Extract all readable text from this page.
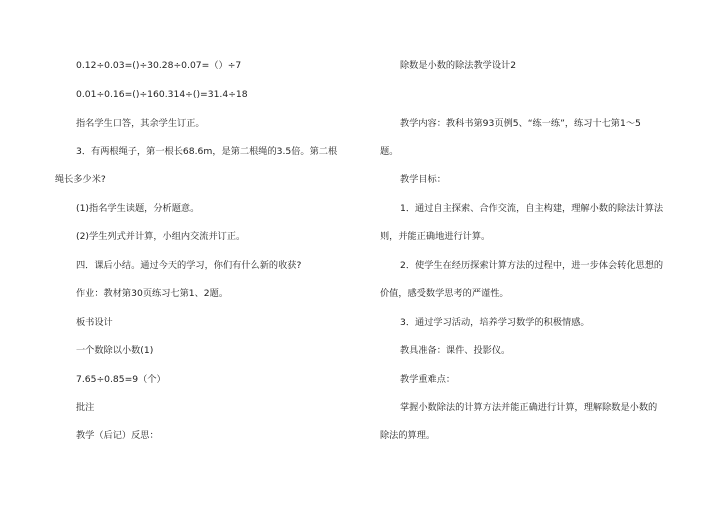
0.12÷0.03=()÷30.28÷0.07=（）÷7
0.01÷0.16=()÷160.314÷()=31.4÷18
指名学生口答，其余学生订正。
3．有两根绳子，第一根长68.6m，是第二根绳的3.5倍。第二根
绳长多少米?
(1)指名学生读题，分析题意。
(2)学生列式并计算，小组内交流并订正。
四．课后小结。通过今天的学习，你们有什么新的收获?
作业：教材第30页练习七第1、2题。
板书设计
一个数除以小数(1)
7.65÷0.85=9（个）
批注
教学（后记）反思：
除数是小数的除法教学设计2
教学内容：教科书第93页例5、“练一练”，练习十七第1～5
题。
教学目标：
1．通过自主探索、合作交流，自主构建，理解小数的除法计算法
则，并能正确地进行计算。
2．使学生在经历探索计算方法的过程中，进一步体会转化思想的
价值，感受数学思考的严谨性。
3．通过学习活动，培养学习数学的积极情感。
教具准备：课件、投影仪。
教学重难点：
掌握小数除法的计算方法并能正确进行计算，理解除数是小数的
除法的算理。
